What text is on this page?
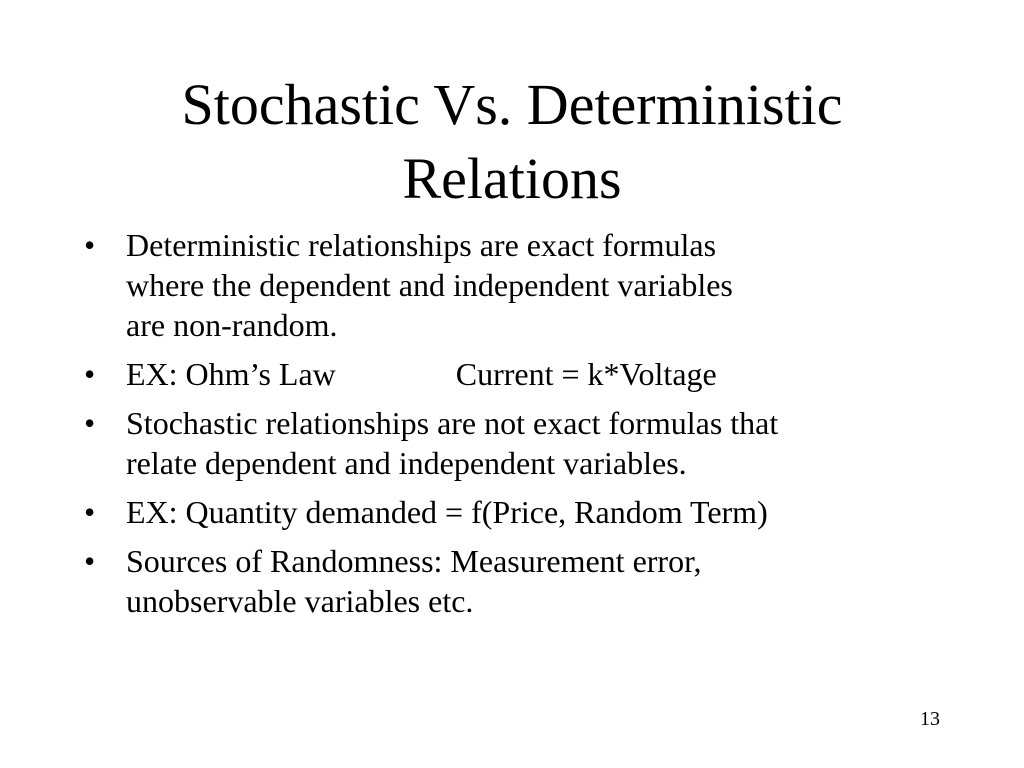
Stochastic Vs. Deterministic
Relations
• Deterministic relationships are exact formulas
where the dependent and independent variables
are non-random.
• EX: Ohm’s Law	Current = k*Voltage
• Stochastic relationships are not exact formulas that
relate dependent and independent variables.
• EX: Quantity demanded = f(Price, Random Term)
• Sources of Randomness: Measurement error,
unobservable variables etc.
13
